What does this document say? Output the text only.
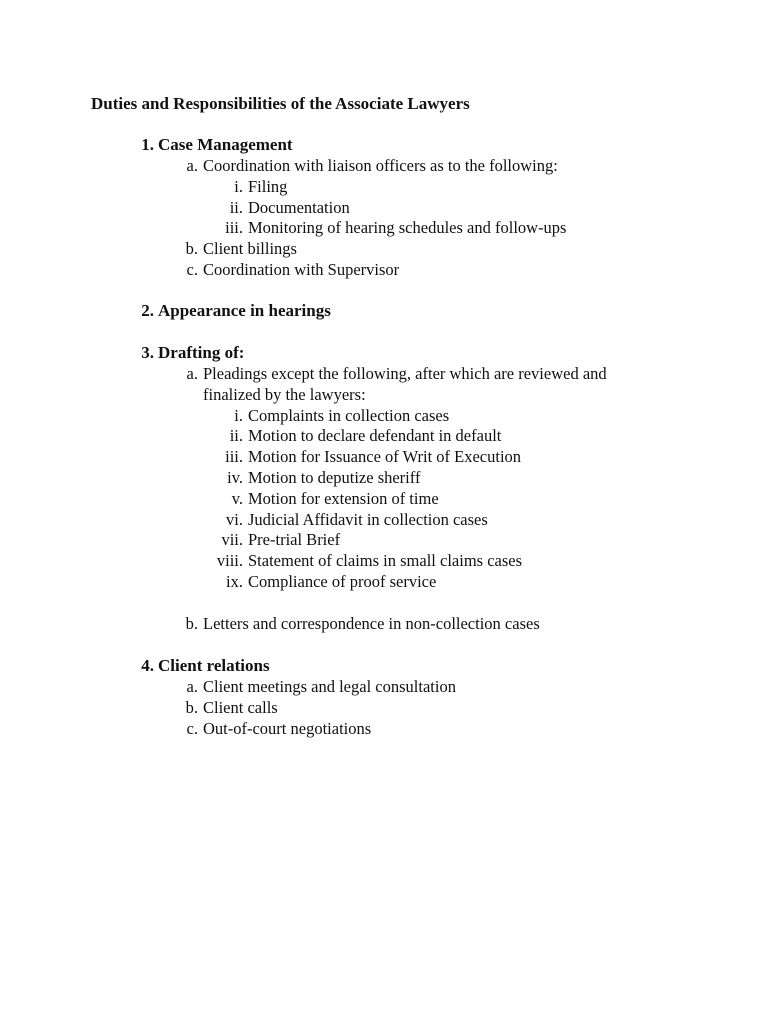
Duties and Responsibilities of the Associate Lawyers
1. Case Management
a. Coordination with liaison officers as to the following:
i. Filing
ii. Documentation
iii. Monitoring of hearing schedules and follow-ups
b. Client billings
c. Coordination with Supervisor
2. Appearance in hearings
3. Drafting of:
a. Pleadings except the following, after which are reviewed and finalized by the lawyers:
i. Complaints in collection cases
ii. Motion to declare defendant in default
iii. Motion for Issuance of Writ of Execution
iv. Motion to deputize sheriff
v. Motion for extension of time
vi. Judicial Affidavit in collection cases
vii. Pre-trial Brief
viii. Statement of claims in small claims cases
ix. Compliance of proof service
b. Letters and correspondence in non-collection cases
4. Client relations
a. Client meetings and legal consultation
b. Client calls
c. Out-of-court negotiations
